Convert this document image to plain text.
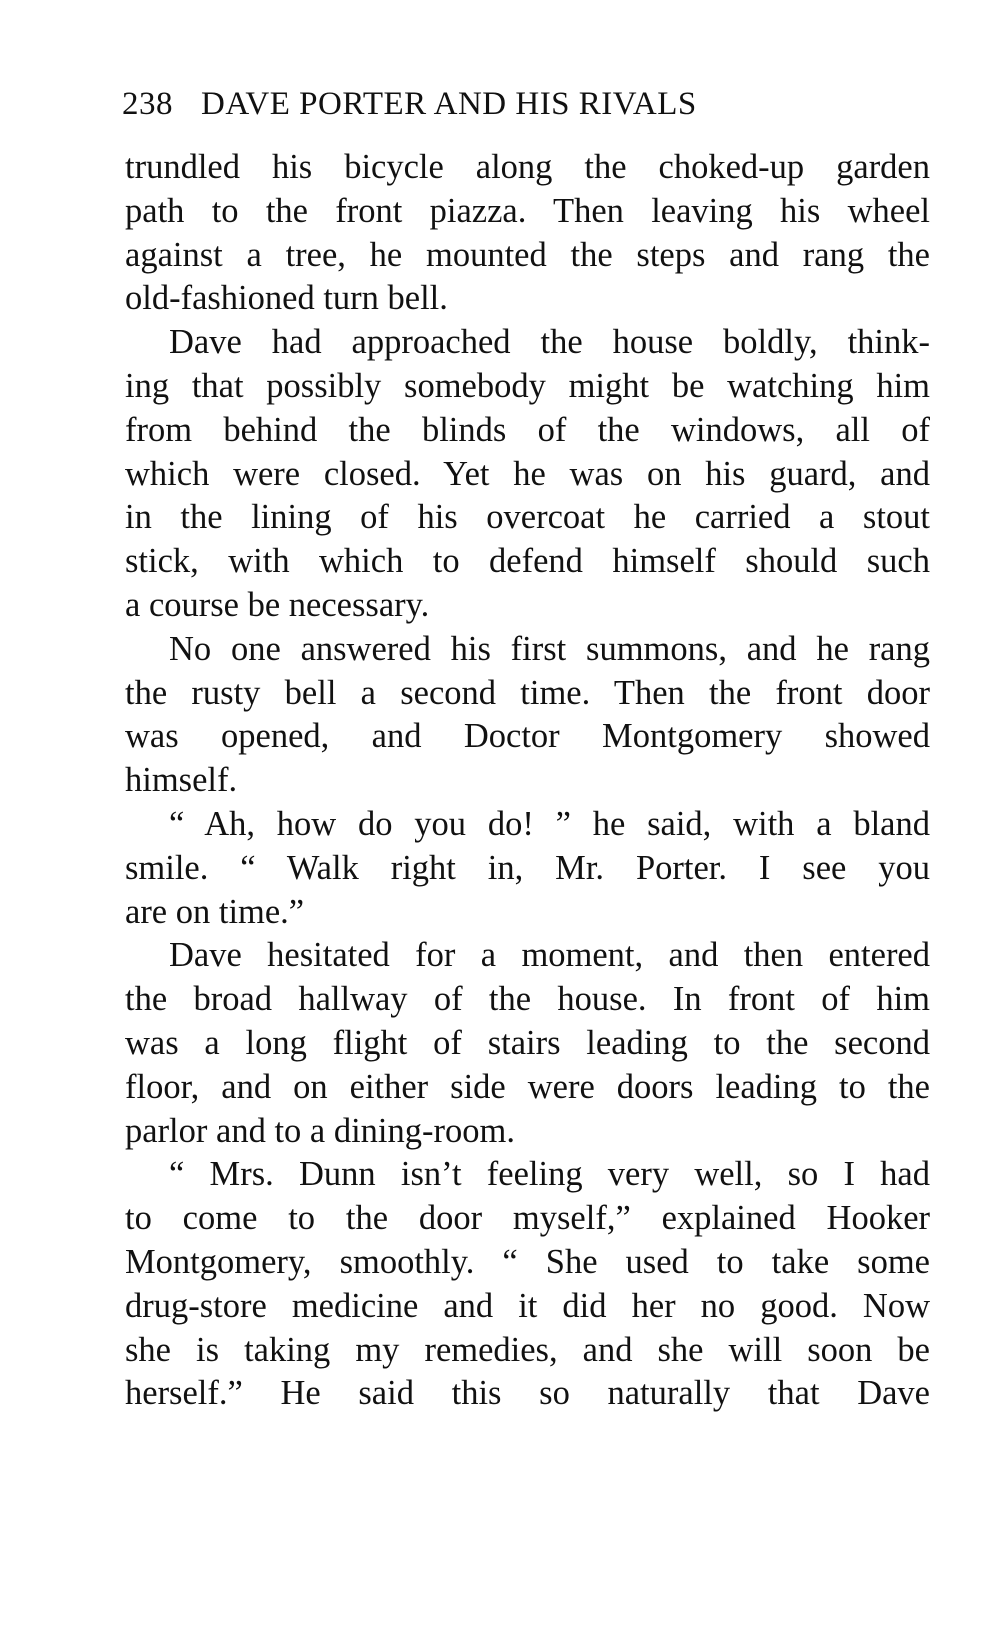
238 DAVE PORTER AND HIS RIVALS
trundled his bicycle along the choked-up garden
path to the front piazza. Then leaving his wheel
against a tree, he mounted the steps and rang the
old-fashioned turn bell.
Dave had approached the house boldly, think-
ing that possibly somebody might be watching him
from behind the blinds of the windows, all of
which were closed. Yet he was on his guard, and
in the lining of his overcoat he carried a stout
stick, with which to defend himself should such
a course be necessary.
No one answered his first summons, and he rang
the rusty bell a second time. Then the front door
was opened, and Doctor Montgomery showed
himself.
“ Ah, how do you do! ” he said, with a bland
smile. “ Walk right in, Mr. Porter. I see you
are on time.”
Dave hesitated for a moment, and then entered
the broad hallway of the house. In front of him
was a long flight of stairs leading to the second
floor, and on either side were doors leading to the
parlor and to a dining-room.
“ Mrs. Dunn isn’t feeling very well, so I had
to come to the door myself,” explained Hooker
Montgomery, smoothly. “ She used to take some
drug-store medicine and it did her no good. Now
she is taking my remedies, and she will soon be
herself.” He said this so naturally that Dave
